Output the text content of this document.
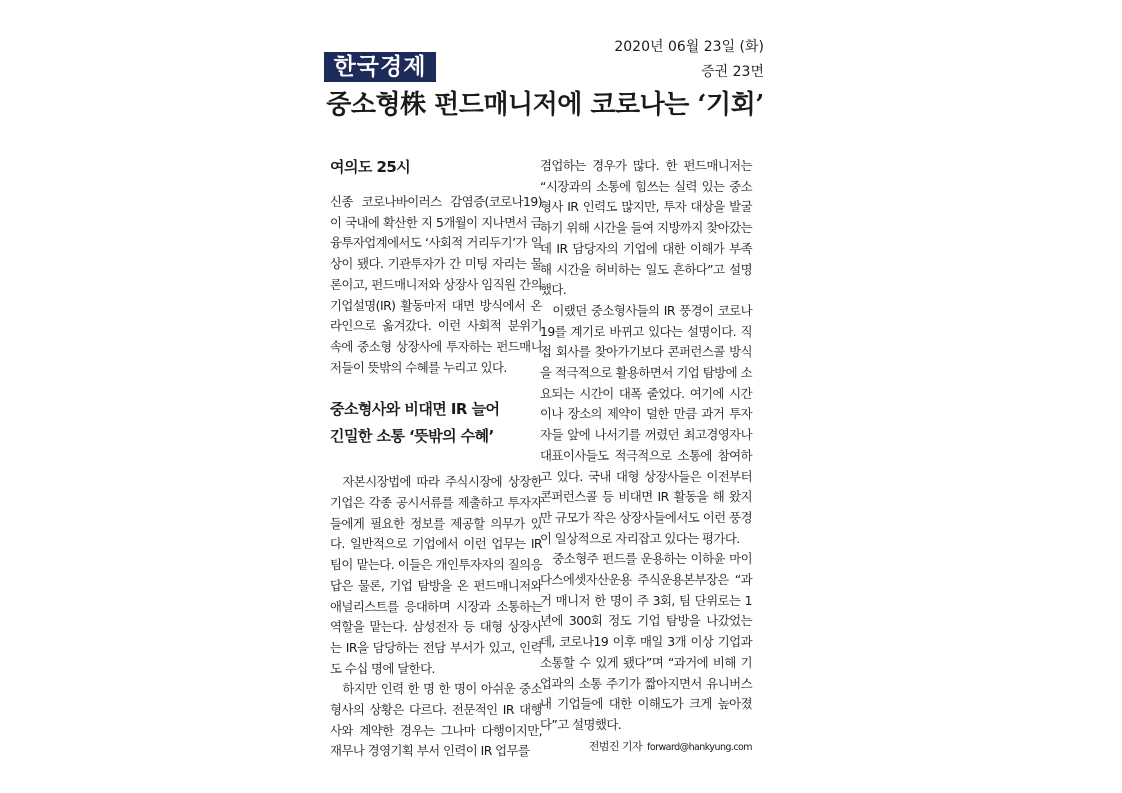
한국경제
2020년 06월 23일 (화)
증권 23면
중소형株 펀드매니저에 코로나는 ‘기회’
여의도 25시

신종 코로나바이러스 감염증(코로나19)이 국내에 확산한 지 5개월이 지나면서 금융투자업계에서도 ‘사회적 거리두기’가 일상이 됐다. 기관투자가 간 미팅 자리는 물론이고, 펀드매니저와 상장사 임직원 간의 기업설명(IR) 활동마저 대면 방식에서 온라인으로 옮겨갔다. 이런 사회적 분위기 속에 중소형 상장사에 투자하는 펀드매니저들이 뜻밖의 수혜를 누리고 있다.

중소형사와 비대면 IR 늘어
긴밀한 소통 ‘뜻밖의 수혜’

자본시장법에 따라 주식시장에 상장한 기업은 각종 공시서류를 제출하고 투자자들에게 필요한 정보를 제공할 의무가 있다. 일반적으로 기업에서 이런 업무는 IR팀이 맡는다. 이들은 개인투자자의 질의응답은 물론, 기업 탐방을 온 펀드매니저와 애널리스트를 응대하며 시장과 소통하는 역할을 맡는다. 삼성전자 등 대형 상장사는 IR을 담당하는 전담 부서가 있고, 인력도 수십 명에 달한다.

하지만 인력 한 명 한 명이 아쉬운 중소형사의 상황은 다르다. 전문적인 IR 대행사와 계약한 경우는 그나마 다행이지만, 재무나 경영기획 부서 인력이 IR 업무를

겸업하는 경우가 많다. 한 펀드매니저는 “시장과의 소통에 힘쓰는 실력 있는 중소형사 IR 인력도 많지만, 투자 대상을 발굴하기 위해 시간을 들여 지방까지 찾아갔는데 IR 담당자의 기업에 대한 이해가 부족해 시간을 허비하는 일도 흔하다”고 설명했다.

이랬던 중소형사들의 IR 풍경이 코로나19를 계기로 바뀌고 있다는 설명이다. 직접 회사를 찾아가기보다 콘퍼런스콜 방식을 적극적으로 활용하면서 기업 탐방에 소요되는 시간이 대폭 줄었다. 여기에 시간이나 장소의 제약이 덜한 만큼 과거 투자자들 앞에 나서기를 꺼렸던 최고경영자나 대표이사들도 적극적으로 소통에 참여하고 있다. 국내 대형 상장사들은 이전부터 콘퍼런스콜 등 비대면 IR 활동을 해 왔지만 규모가 작은 상장사들에서도 이런 풍경이 일상적으로 자리잡고 있다는 평가다.

중소형주 펀드를 운용하는 이하윤 마이다스에셋자산운용 주식운용본부장은 “과거 매니저 한 명이 주 3회, 팀 단위로는 1년에 300회 정도 기업 탐방을 나갔었는데, 코로나19 이후 매일 3개 이상 기업과 소통할 수 있게 됐다”며 “과거에 비해 기업과의 소통 주기가 짧아지면서 유니버스 내 기업들에 대한 이해도가 크게 높아졌다”고 설명했다.

전범진 기자 forward@hankyung.com
